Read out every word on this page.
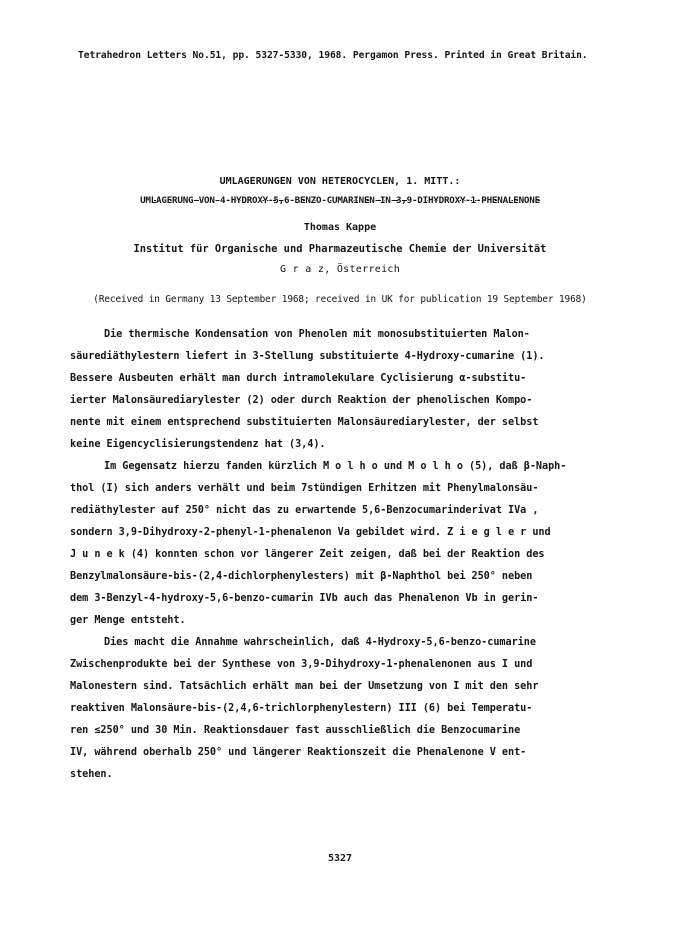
Tetrahedron Letters No.51, pp. 5327-5330, 1968. Pergamon Press. Printed in Great Britain.
UMLAGERUNGEN VON HETEROCYCLEN, 1. MITT.:
UMLAGERUNG VON 4-HYDROXY-5,6-BENZO-CUMARINEN IN 3,9-DIHYDROXY-1-PHENALENONE
Thomas Kappe
Institut für Organische und Pharmazeutische Chemie der Universität
G r a z, Österreich
(Received in Germany 13 September 1968; received in UK for publication 19 September 1968)
Die thermische Kondensation von Phenolen mit monosubstituierten Malon-
säurediäthylestern liefert in 3-Stellung substituierte 4-Hydroxy-cumarine (1).
Bessere Ausbeuten erhält man durch intramolekulare Cyclisierung α-substitu-
ierter Malonsäurediarylester (2) oder durch Reaktion der phenolischen Kompo-
nente mit einem entsprechend substituierten Malonsäurediarylester, der selbst
keine Eigencyclisierungstendenz hat (3,4).
Im Gegensatz hierzu fanden kürzlich M o l h o und M o l h o (5), daß β-Naph-
thol (I) sich anders verhält und beim 7stündigen Erhitzen mit Phenylmalonsäu-
rediäthylester auf 250° nicht das zu erwartende 5,6-Benzocumarinderivat IVa ,
sondern 3,9-Dihydroxy-2-phenyl-1-phenalenon Va gebildet wird. Z i e g l e r und
J u n e k (4) konnten schon vor längerer Zeit zeigen, daß bei der Reaktion des
Benzylmalonsäure-bis-(2,4-dichlorphenylesters) mit β-Naphthol bei 250° neben
dem 3-Benzyl-4-hydroxy-5,6-benzo-cumarin IVb auch das Phenalenon Vb in gerin-
ger Menge entsteht.
Dies macht die Annahme wahrscheinlich, daß 4-Hydroxy-5,6-benzo-cumarine
Zwischenprodukte bei der Synthese von 3,9-Dihydroxy-1-phenalenonen aus I und
Malonestern sind. Tatsächlich erhält man bei der Umsetzung von I mit den sehr
reaktiven Malonsäure-bis-(2,4,6-trichlorphenylestern) III (6) bei Temperatu-
ren ≤250° und 30 Min. Reaktionsdauer fast ausschließlich die Benzocumarine
IV, während oberhalb 250° und längerer Reaktionszeit die Phenalenone V ent-
stehen.
5327
